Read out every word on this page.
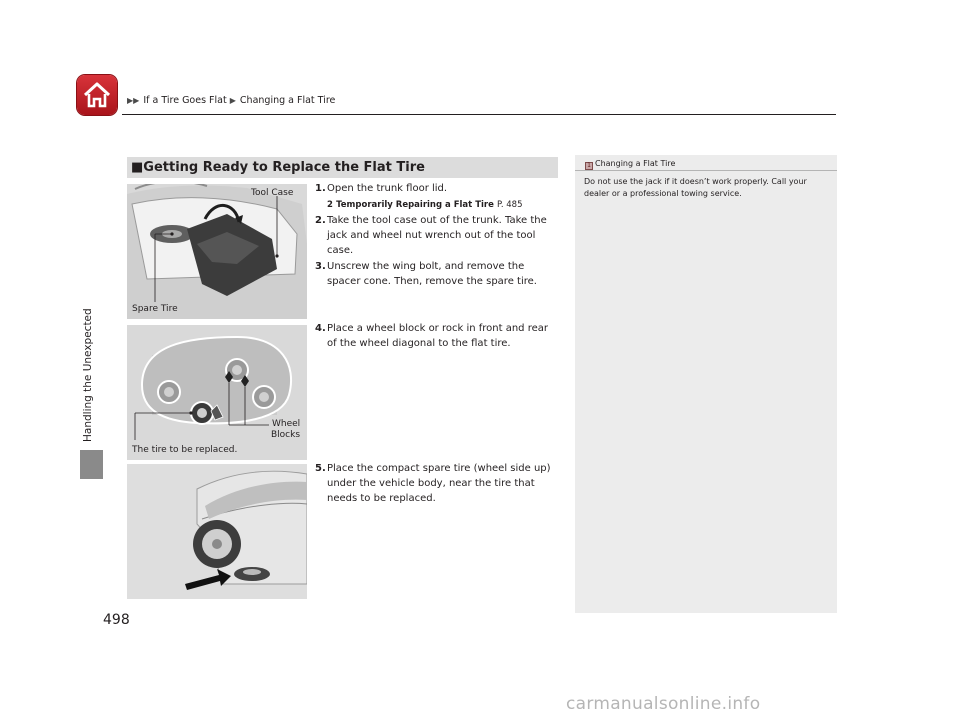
▶▶ If a Tire Goes Flat ▶ Changing a Flat Tire
Handling the Unexpected
498
■Getting Ready to Replace the Flat Tire
Tool Case
Spare Tire
Wheel
Blocks
The tire to be replaced.
1.Open the trunk floor lid.
2 Temporarily Repairing a Flat Tire P. 485
2.Take the tool case out of the trunk. Take the jack and wheel nut wrench out of the tool case.
3.Unscrew the wing bolt, and remove the spacer cone. Then, remove the spare tire.
4.Place a wheel block or rock in front and rear of the wheel diagonal to the flat tire.
5.Place the compact spare tire (wheel side up) under the vehicle body, near the tire that needs to be replaced.
1 Changing a Flat Tire
Do not use the jack if it doesn’t work properly. Call your dealer or a professional towing service.
carmanualsonline.info
